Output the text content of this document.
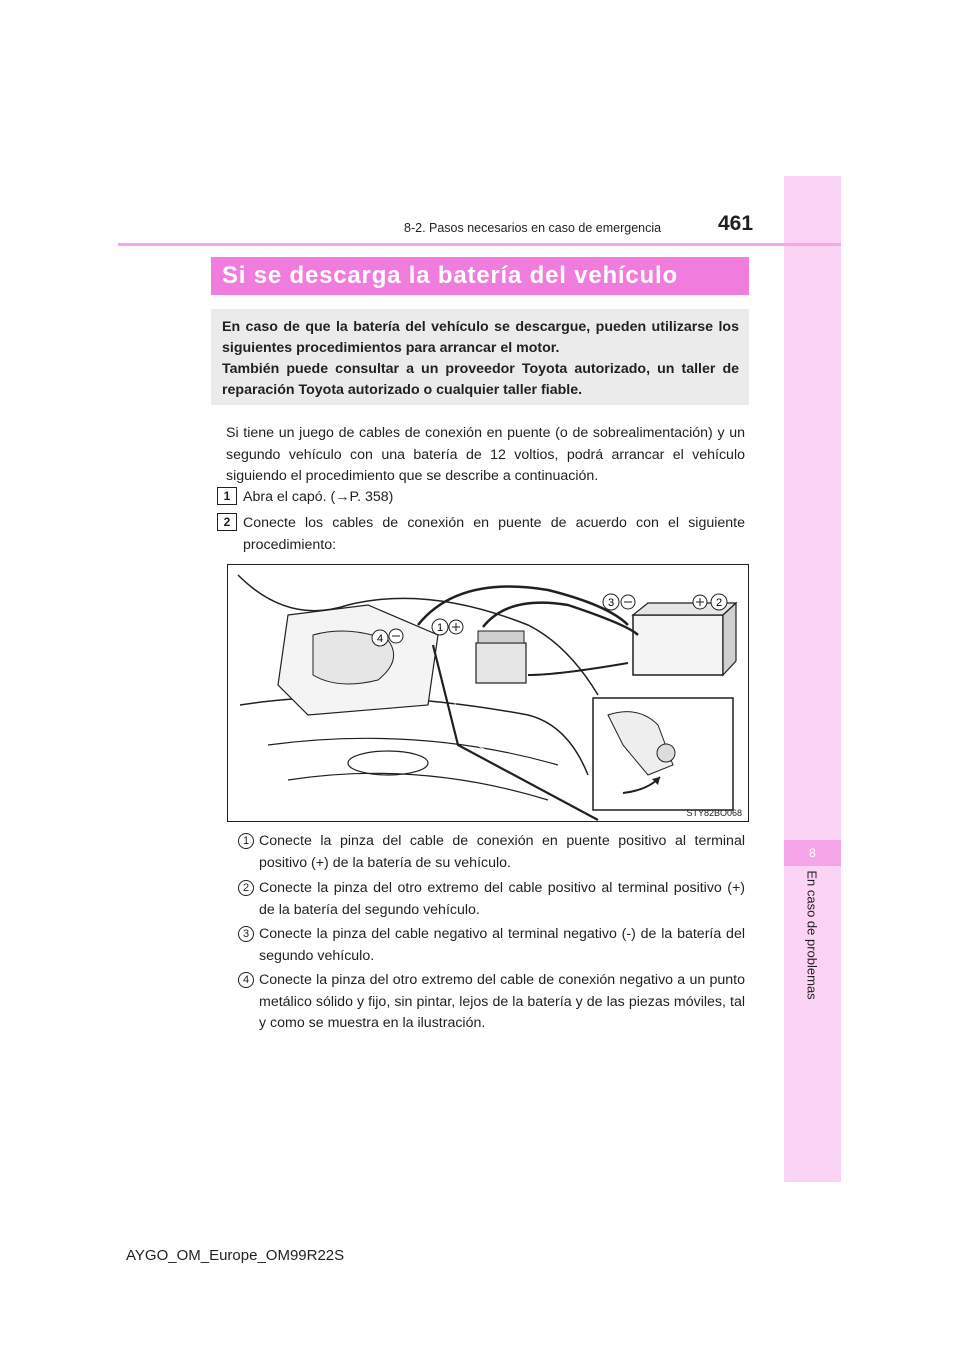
8
En caso de problemas
8-2. Pasos necesarios en caso de emergencia	461
Si se descarga la batería del vehículo

En caso de que la batería del vehículo se descargue, pueden utilizarse los siguientes procedimientos para arrancar el motor.

También puede consultar a un proveedor Toyota autorizado, un taller de reparación Toyota autorizado o cualquier taller fiable.

Si tiene un juego de cables de conexión en puente (o de sobrealimentación) y un segundo vehículo con una batería de 12 voltios, podrá arrancar el vehículo siguiendo el procedimiento que se describe a continuación.
1 Abra el capó. (→P. 358)
2 Conecte los cables de conexión en puente de acuerdo con el siguiente procedimiento:
1
2
3
4
STY82BO068
1 Conecte la pinza del cable de conexión en puente positivo al terminal positivo (+) de la batería de su vehículo.
2 Conecte la pinza del otro extremo del cable positivo al terminal positivo (+) de la batería del segundo vehículo.
3 Conecte la pinza del cable negativo al terminal negativo (-) de la batería del segundo vehículo.
4 Conecte la pinza del otro extremo del cable de conexión negativo a un punto metálico sólido y fijo, sin pintar, lejos de la batería y de las piezas móviles, tal y como se muestra en la ilustración.
AYGO_OM_Europe_OM99R22S
